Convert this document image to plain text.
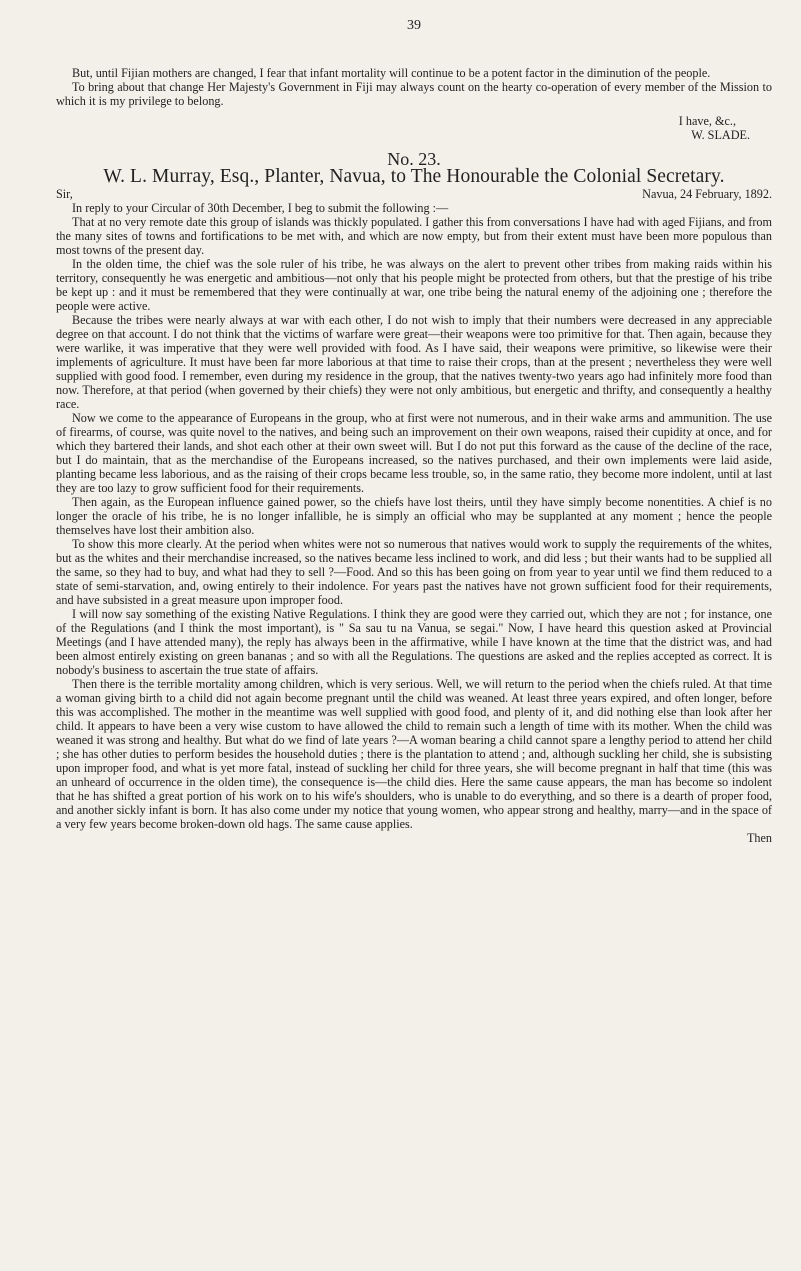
39

But, until Fijian mothers are changed, I fear that infant mortality will continue to be a potent factor in the diminution of the people.

To bring about that change Her Majesty's Government in Fiji may always count on the hearty co-operation of every member of the Mission to which it is my privilege to belong.

I have, &c.,

W. SLADE.

No. 23.
W. L. Murray, Esq., Planter, Navua, to The Honourable the Colonial Secretary.
Sir,	Navua, 24 February, 1892.

In reply to your Circular of 30th December, I beg to submit the following :—

That at no very remote date this group of islands was thickly populated. I gather this from conversations I have had with aged Fijians, and from the many sites of towns and fortifications to be met with, and which are now empty, but from their extent must have been more populous than most towns of the present day.

In the olden time, the chief was the sole ruler of his tribe, he was always on the alert to prevent other tribes from making raids within his territory, consequently he was energetic and ambitious—not only that his people might be protected from others, but that the prestige of his tribe be kept up : and it must be remembered that they were continually at war, one tribe being the natural enemy of the adjoining one ; therefore the people were active.

Because the tribes were nearly always at war with each other, I do not wish to imply that their numbers were decreased in any appreciable degree on that account. I do not think that the victims of warfare were great—their weapons were too primitive for that. Then again, because they were warlike, it was imperative that they were well provided with food. As I have said, their weapons were primitive, so likewise were their implements of agriculture. It must have been far more laborious at that time to raise their crops, than at the present ; nevertheless they were well supplied with good food. I remember, even during my residence in the group, that the natives twenty-two years ago had infinitely more food than now. Therefore, at that period (when governed by their chiefs) they were not only ambitious, but energetic and thrifty, and consequently a healthy race.

Now we come to the appearance of Europeans in the group, who at first were not numerous, and in their wake arms and ammunition. The use of firearms, of course, was quite novel to the natives, and being such an improvement on their own weapons, raised their cupidity at once, and for which they bartered their lands, and shot each other at their own sweet will. But I do not put this forward as the cause of the decline of the race, but I do maintain, that as the merchandise of the Europeans increased, so the natives purchased, and their own implements were laid aside, planting became less laborious, and as the raising of their crops became less trouble, so, in the same ratio, they become more indolent, until at last they are too lazy to grow sufficient food for their requirements.

Then again, as the European influence gained power, so the chiefs have lost theirs, until they have simply become nonentities. A chief is no longer the oracle of his tribe, he is no longer infallible, he is simply an official who may be supplanted at any moment ; hence the people themselves have lost their ambition also.

To show this more clearly. At the period when whites were not so numerous that natives would work to supply the requirements of the whites, but as the whites and their merchandise increased, so the natives became less inclined to work, and did less ; but their wants had to be supplied all the same, so they had to buy, and what had they to sell ?—Food. And so this has been going on from year to year until we find them reduced to a state of semi-starvation, and, owing entirely to their indolence. For years past the natives have not grown sufficient food for their requirements, and have subsisted in a great measure upon improper food.

I will now say something of the existing Native Regulations. I think they are good were they carried out, which they are not ; for instance, one of the Regulations (and I think the most important), is " Sa sau tu na Vanua, se segai." Now, I have heard this question asked at Provincial Meetings (and I have attended many), the reply has always been in the affirmative, while I have known at the time that the district was, and had been almost entirely existing on green bananas ; and so with all the Regulations. The questions are asked and the replies accepted as correct. It is nobody's business to ascertain the true state of affairs.

Then there is the terrible mortality among children, which is very serious. Well, we will return to the period when the chiefs ruled. At that time a woman giving birth to a child did not again become pregnant until the child was weaned. At least three years expired, and often longer, before this was accomplished. The mother in the meantime was well supplied with good food, and plenty of it, and did nothing else than look after her child. It appears to have been a very wise custom to have allowed the child to remain such a length of time with its mother. When the child was weaned it was strong and healthy. But what do we find of late years ?—A woman bearing a child cannot spare a lengthy period to attend her child ; she has other duties to perform besides the household duties ; there is the plantation to attend ; and, although suckling her child, she is subsisting upon improper food, and what is yet more fatal, instead of suckling her child for three years, she will become pregnant in half that time (this was an unheard of occurrence in the olden time), the consequence is—the child dies. Here the same cause appears, the man has become so indolent that he has shifted a great portion of his work on to his wife's shoulders, who is unable to do everything, and so there is a dearth of proper food, and another sickly infant is born. It has also come under my notice that young women, who appear strong and healthy, marry—and in the space of a very few years become broken-down old hags. The same cause applies.

Then
